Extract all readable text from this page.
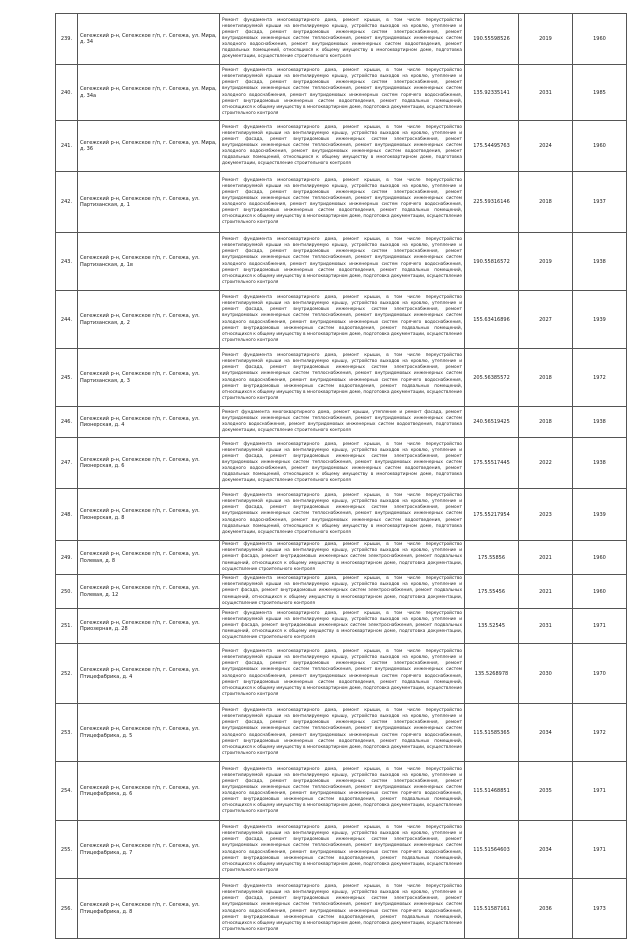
239.	Сегежский р-н, Сегежское г/п, г. Сегежа, ул. Мира, д. 34	Ремонт фундамента многоквартирного дома, ремонт крыши, в том числе переустройство невентилируемой крыши на вентилируемую крышу, устройство выходов на кровлю, утепление и ремонт фасада, ремонт внутридомовых инженерных систем электроснабжения, ремонт внутридомовых инженерных систем теплоснабжения, ремонт внутридомовых инженерных систем холодного водоснабжения, ремонт внутридомовых инженерных систем водоотведения, ремонт подвальных помещений, относящихся к общему имуществу в многоквартирном доме, подготовка документации, осуществление строительного контроля	190.55598526	2019	1960
240.	Сегежский р-н, Сегежское г/п, г. Сегежа, ул. Мира, д. 34а	Ремонт фундамента многоквартирного дома, ремонт крыши, в том числе переустройство невентилируемой крыши на вентилируемую крышу, устройство выходов на кровлю, утепление и ремонт фасада, ремонт внутридомовых инженерных систем электроснабжения, ремонт внутридомовых инженерных систем теплоснабжения, ремонт внутридомовых инженерных систем холодного водоснабжения, ремонт внутридомовых инженерных систем горячего водоснабжения, ремонт внутридомовых инженерных систем водоотведения, ремонт подвальных помещений, относящихся к общему имуществу в многоквартирном доме, подготовка документации, осуществление строительного контроля	135.92335141	2031	1985
241.	Сегежский р-н, Сегежское г/п, г. Сегежа, ул. Мира, д. 36	Ремонт фундамента многоквартирного дома, ремонт крыши, в том числе переустройство невентилируемой крыши на вентилируемую крышу, устройство выходов на кровлю, утепление и ремонт фасада, ремонт внутридомовых инженерных систем электроснабжения, ремонт внутридомовых инженерных систем теплоснабжения, ремонт внутридомовых инженерных систем холодного водоснабжения, ремонт внутридомовых инженерных систем водоотведения, ремонт подвальных помещений, относящихся к общему имуществу в многоквартирном доме, подготовка документации, осуществление строительного контроля	175.54495763	2024	1960
242.	Сегежский р-н, Сегежское г/п, г. Сегежа, ул. Партизанская, д. 1	Ремонт фундамента многоквартирного дома, ремонт крыши, в том числе переустройство невентилируемой крыши на вентилируемую крышу, устройство выходов на кровлю, утепление и ремонт фасада, ремонт внутридомовых инженерных систем электроснабжения, ремонт внутридомовых инженерных систем теплоснабжения, ремонт внутридомовых инженерных систем холодного водоснабжения, ремонт внутридомовых инженерных систем горячего водоснабжения, ремонт внутридомовых инженерных систем водоотведения, ремонт подвальных помещений, относящихся к общему имуществу в многоквартирном доме, подготовка документации, осуществление строительного контроля	225.59316146	2018	1937
243.	Сегежский р-н, Сегежское г/п, г. Сегежа, ул. Партизанская, д. 1в	Ремонт фундамента многоквартирного дома, ремонт крыши, в том числе переустройство невентилируемой крыши на вентилируемую крышу, устройство выходов на кровлю, утепление и ремонт фасада, ремонт внутридомовых инженерных систем электроснабжения, ремонт внутридомовых инженерных систем теплоснабжения, ремонт внутридомовых инженерных систем холодного водоснабжения, ремонт внутридомовых инженерных систем горячего водоснабжения, ремонт внутридомовых инженерных систем водоотведения, ремонт подвальных помещений, относящихся к общему имуществу в многоквартирном доме, подготовка документации, осуществление строительного контроля	190.55816572	2019	1938
244.	Сегежский р-н, Сегежское г/п, г. Сегежа, ул. Партизанская, д. 2	Ремонт фундамента многоквартирного дома, ремонт крыши, в том числе переустройство невентилируемой крыши на вентилируемую крышу, устройство выходов на кровлю, утепление и ремонт фасада, ремонт внутридомовых инженерных систем электроснабжения, ремонт внутридомовых инженерных систем теплоснабжения, ремонт внутридомовых инженерных систем холодного водоснабжения, ремонт внутридомовых инженерных систем горячего водоснабжения, ремонт внутридомовых инженерных систем водоотведения, ремонт подвальных помещений, относящихся к общему имуществу в многоквартирном доме, подготовка документации, осуществление строительного контроля	155.63416896	2027	1939
245.	Сегежский р-н, Сегежское г/п, г. Сегежа, ул. Партизанская, д. 3	Ремонт фундамента многоквартирного дома, ремонт крыши, в том числе переустройство невентилируемой крыши на вентилируемую крышу, устройство выходов на кровлю, утепление и ремонт фасада, ремонт внутридомовых инженерных систем электроснабжения, ремонт внутридомовых инженерных систем теплоснабжения, ремонт внутридомовых инженерных систем холодного водоснабжения, ремонт внутридомовых инженерных систем горячего водоснабжения, ремонт внутридомовых инженерных систем водоотведения, ремонт подвальных помещений, относящихся к общему имуществу в многоквартирном доме, подготовка документации, осуществление строительного контроля	205.56385572	2018	1972
246.	Сегежский р-н, Сегежское г/п, г. Сегежа, ул. Пионерская, д. 4	Ремонт фундамента многоквартирного дома, ремонт крыши, утепление и ремонт фасада, ремонт внутридомовых инженерных систем теплоснабжения, ремонт внутридомовых инженерных систем холодного водоснабжения, ремонт внутридомовых инженерных систем водоотведения, подготовка документации, осуществление строительного контроля	240.56519425	2018	1938
247.	Сегежский р-н, Сегежское г/п, г. Сегежа, ул. Пионерская, д. 6	Ремонт фундамента многоквартирного дома, ремонт крыши, в том числе переустройство невентилируемой крыши на вентилируемую крышу, устройство выходов на кровлю, утепление и ремонт фасада, ремонт внутридомовых инженерных систем электроснабжения, ремонт внутридомовых инженерных систем теплоснабжения, ремонт внутридомовых инженерных систем холодного водоснабжения, ремонт внутридомовых инженерных систем водоотведения, ремонт подвальных помещений, относящихся к общему имуществу в многоквартирном доме, подготовка документации, осуществление строительного контроля	175.55517445	2022	1938
248.	Сегежский р-н, Сегежское г/п, г. Сегежа, ул. Пионерская, д. 8	Ремонт фундамента многоквартирного дома, ремонт крыши, в том числе переустройство невентилируемой крыши на вентилируемую крышу, устройство выходов на кровлю, утепление и ремонт фасада, ремонт внутридомовых инженерных систем электроснабжения, ремонт внутридомовых инженерных систем теплоснабжения, ремонт внутридомовых инженерных систем холодного водоснабжения, ремонт внутридомовых инженерных систем водоотведения, ремонт подвальных помещений, относящихся к общему имуществу в многоквартирном доме, подготовка документации, осуществление строительного контроля	175.55217954	2023	1939
249.	Сегежский р-н, Сегежское г/п, г. Сегежа, ул. Полевая, д. 8	Ремонт фундамента многоквартирного дома, ремонт крыши, в том числе переустройство невентилируемой крыши на вентилируемую крышу, устройство выходов на кровлю, утепление и ремонт фасада, ремонт внутридомовых инженерных систем электроснабжения, ремонт подвальных помещений, относящихся к общему имуществу в многоквартирном доме, подготовка документации, осуществление строительного контроля	175.55856	2021	1960
250.	Сегежский р-н, Сегежское г/п, г. Сегежа, ул. Полевая, д. 12	Ремонт фундамента многоквартирного дома, ремонт крыши, в том числе переустройство невентилируемой крыши на вентилируемую крышу, устройство выходов на кровлю, утепление и ремонт фасада, ремонт внутридомовых инженерных систем электроснабжения, ремонт подвальных помещений, относящихся к общему имуществу в многоквартирном доме, подготовка документации, осуществление строительного контроля	175.55456	2021	1960
251.	Сегежский р-н, Сегежское г/п, г. Сегежа, ул. Приозерная, д. 28	Ремонт фундамента многоквартирного дома, ремонт крыши, в том числе переустройство невентилируемой крыши на вентилируемую крышу, устройство выходов на кровлю, утепление и ремонт фасада, ремонт внутридомовых инженерных систем электроснабжения, ремонт подвальных помещений, относящихся к общему имуществу в многоквартирном доме, подготовка документации, осуществление строительного контроля	135.52545	2031	1971
252.	Сегежский р-н, Сегежское г/п, г. Сегежа, ул. Птицефабрика, д. 4	Ремонт фундамента многоквартирного дома, ремонт крыши, в том числе переустройство невентилируемой крыши на вентилируемую крышу, устройство выходов на кровлю, утепление и ремонт фасада, ремонт внутридомовых инженерных систем электроснабжения, ремонт внутридомовых инженерных систем теплоснабжения, ремонт внутридомовых инженерных систем холодного водоснабжения, ремонт внутридомовых инженерных систем горячего водоснабжения, ремонт внутридомовых инженерных систем водоотведения, ремонт подвальных помещений, относящихся к общему имуществу в многоквартирном доме, подготовка документации, осуществление строительного контроля	135.5268978	2030	1970
253.	Сегежский р-н, Сегежское г/п, г. Сегежа, ул. Птицефабрика, д. 5	Ремонт фундамента многоквартирного дома, ремонт крыши, в том числе переустройство невентилируемой крыши на вентилируемую крышу, устройство выходов на кровлю, утепление и ремонт фасада, ремонт внутридомовых инженерных систем электроснабжения, ремонт внутридомовых инженерных систем теплоснабжения, ремонт внутридомовых инженерных систем холодного водоснабжения, ремонт внутридомовых инженерных систем горячего водоснабжения, ремонт внутридомовых инженерных систем водоотведения, ремонт подвальных помещений, относящихся к общему имуществу в многоквартирном доме, подготовка документации, осуществление строительного контроля	115.51585365	2034	1972
254.	Сегежский р-н, Сегежское г/п, г. Сегежа, ул. Птицефабрика, д. 6	Ремонт фундамента многоквартирного дома, ремонт крыши, в том числе переустройство невентилируемой крыши на вентилируемую крышу, устройство выходов на кровлю, утепление и ремонт фасада, ремонт внутридомовых инженерных систем электроснабжения, ремонт внутридомовых инженерных систем теплоснабжения, ремонт внутридомовых инженерных систем холодного водоснабжения, ремонт внутридомовых инженерных систем горячего водоснабжения, ремонт внутридомовых инженерных систем водоотведения, ремонт подвальных помещений, относящихся к общему имуществу в многоквартирном доме, подготовка документации, осуществление строительного контроля	115.51468851	2035	1971
255.	Сегежский р-н, Сегежское г/п, г. Сегежа, ул. Птицефабрика, д. 7	Ремонт фундамента многоквартирного дома, ремонт крыши, в том числе переустройство невентилируемой крыши на вентилируемую крышу, устройство выходов на кровлю, утепление и ремонт фасада, ремонт внутридомовых инженерных систем электроснабжения, ремонт внутридомовых инженерных систем теплоснабжения, ремонт внутридомовых инженерных систем холодного водоснабжения, ремонт внутридомовых инженерных систем горячего водоснабжения, ремонт внутридомовых инженерных систем водоотведения, ремонт подвальных помещений, относящихся к общему имуществу в многоквартирном доме, подготовка документации, осуществление строительного контроля	115.51564603	2034	1971
256.	Сегежский р-н, Сегежское г/п, г. Сегежа, ул. Птицефабрика, д. 8	Ремонт фундамента многоквартирного дома, ремонт крыши, в том числе переустройство невентилируемой крыши на вентилируемую крышу, устройство выходов на кровлю, утепление и ремонт фасада, ремонт внутридомовых инженерных систем электроснабжения, ремонт внутридомовых инженерных систем теплоснабжения, ремонт внутридомовых инженерных систем холодного водоснабжения, ремонт внутридомовых инженерных систем горячего водоснабжения, ремонт внутридомовых инженерных систем водоотведения, ремонт подвальных помещений, относящихся к общему имуществу в многоквартирном доме, подготовка документации, осуществление строительного контроля	115.51587161	2036	1973
